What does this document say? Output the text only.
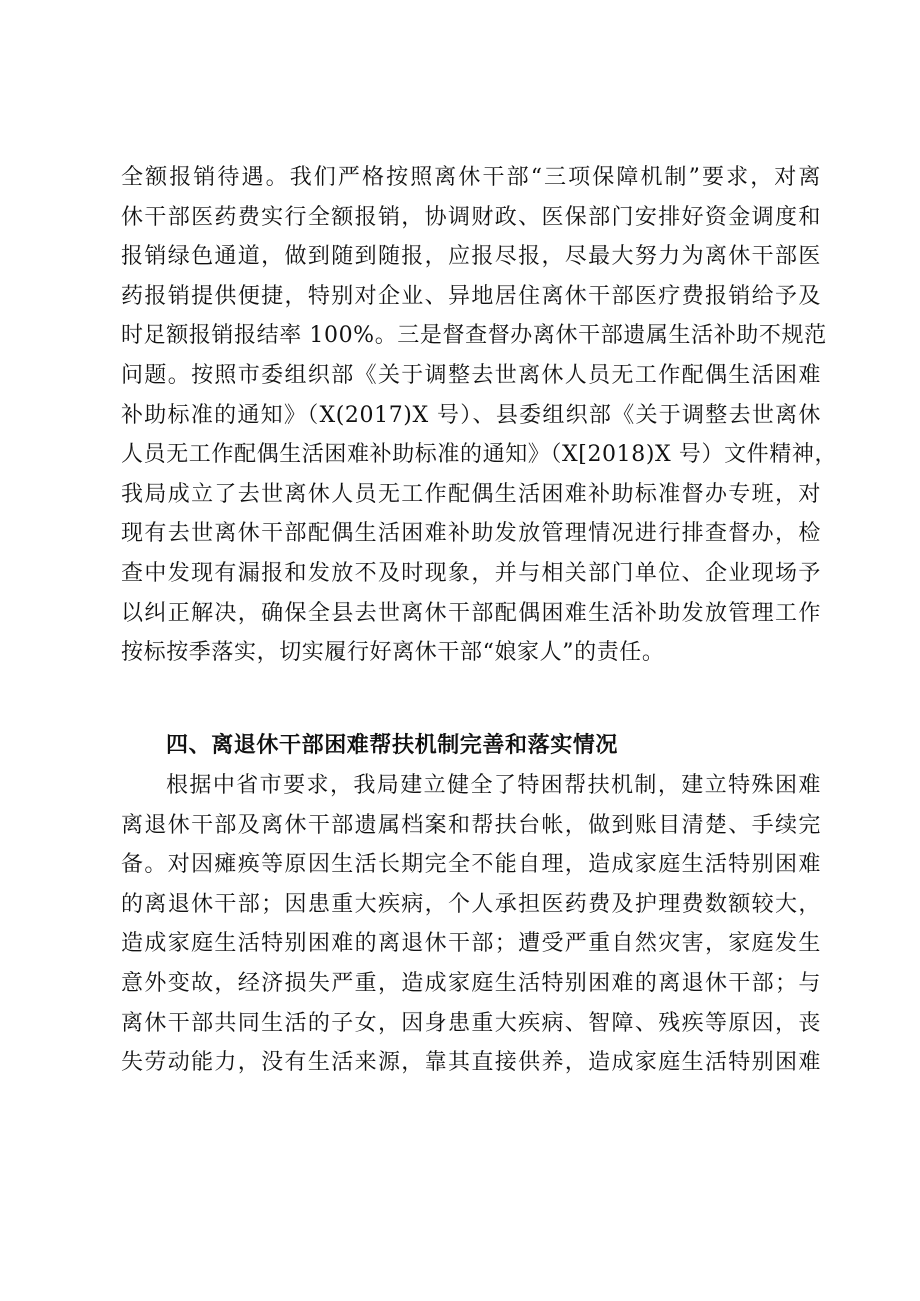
全额报销待遇。我们严格按照离休干部“三项保障机制”要求，对离
休干部医药费实行全额报销，协调财政、医保部门安排好资金调度和
报销绿色通道，做到随到随报，应报尽报，尽最大努力为离休干部医
药报销提供便捷，特别对企业、异地居住离休干部医疗费报销给予及
时足额报销报结率 100%。三是督查督办离休干部遗属生活补助不规范
问题。按照市委组织部《关于调整去世离休人员无工作配偶生活困难
补助标准的通知》（X(2017)X 号）、县委组织部《关于调整去世离休
人员无工作配偶生活困难补助标准的通知》（X[2018)X 号）文件精神，
我局成立了去世离休人员无工作配偶生活困难补助标准督办专班，对
现有去世离休干部配偶生活困难补助发放管理情况进行排查督办，检
查中发现有漏报和发放不及时现象，并与相关部门单位、企业现场予
以纠正解决，确保全县去世离休干部配偶困难生活补助发放管理工作
按标按季落实，切实履行好离休干部“娘家人”的责任。
四、离退休干部困难帮扶机制完善和落实情况
根据中省市要求，我局建立健全了特困帮扶机制，建立特殊困难
离退休干部及离休干部遗属档案和帮扶台帐，做到账目清楚、手续完
备。对因瘫痪等原因生活长期完全不能自理，造成家庭生活特别困难
的离退休干部；因患重大疾病，个人承担医药费及护理费数额较大，
造成家庭生活特别困难的离退休干部；遭受严重自然灾害，家庭发生
意外变故，经济损失严重，造成家庭生活特别困难的离退休干部；与
离休干部共同生活的子女，因身患重大疾病、智障、残疾等原因，丧
失劳动能力，没有生活来源，靠其直接供养，造成家庭生活特别困难
